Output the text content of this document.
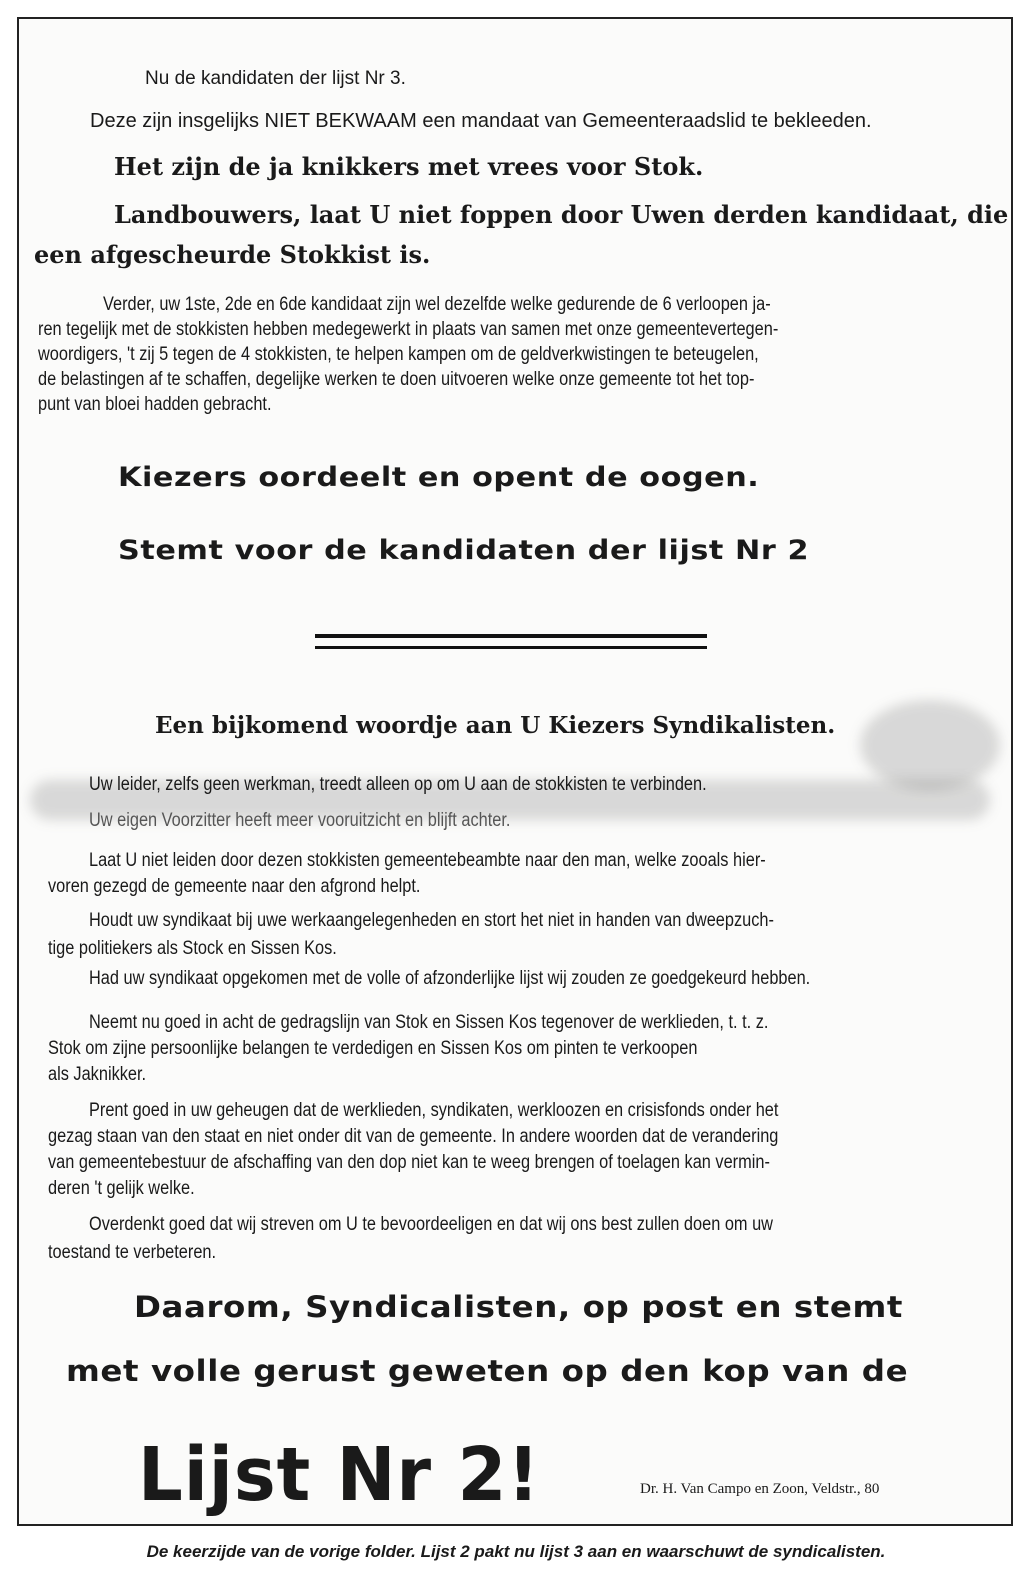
Nu de kandidaten der lijst Nr 3.
Deze zijn insgelijks NIET BEKWAAM een mandaat van Gemeenteraadslid te bekleeden.
Het zijn de ja knikkers met vrees voor Stok.
Landbouwers, laat U niet foppen door Uwen derden kandidaat, die
een afgescheurde Stokkist is.
Verder, uw 1ste, 2de en 6de kandidaat zijn wel dezelfde welke gedurende de 6 verloopen ja-
ren tegelijk met de stokkisten hebben medegewerkt in plaats van samen met onze gemeentevertegen-
woordigers, 't zij 5 tegen de 4 stokkisten, te helpen kampen om de geldverkwistingen te beteugelen,
de belastingen af te schaffen, degelijke werken te doen uitvoeren welke onze gemeente tot het top-
punt van bloei hadden gebracht.
Kiezers oordeelt en opent de oogen.
Stemt voor de kandidaten der lijst Nr 2
Een bijkomend woordje aan U Kiezers Syndikalisten.
Uw leider, zelfs geen werkman, treedt alleen op om U aan de stokkisten te verbinden.
Uw eigen Voorzitter heeft meer vooruitzicht en blijft achter.
Laat U niet leiden door dezen stokkisten gemeentebeambte naar den man, welke zooals hier-
voren gezegd de gemeente naar den afgrond helpt.
Houdt uw syndikaat bij uwe werkaangelegenheden en stort het niet in handen van dweepzuch-
tige politiekers als Stock en Sissen Kos.
Had uw syndikaat opgekomen met de volle of afzonderlijke lijst wij zouden ze goedgekeurd hebben.
Neemt nu goed in acht de gedragslijn van Stok en Sissen Kos tegenover de werklieden, t. t. z.
Stok om zijne persoonlijke belangen te verdedigen en Sissen Kos om pinten te verkoopen
als Jaknikker.
Prent goed in uw geheugen dat de werklieden, syndikaten, werkloozen en crisisfonds onder het
gezag staan van den staat en niet onder dit van de gemeente. In andere woorden dat de verandering
van gemeentebestuur de afschaffing van den dop niet kan te weeg brengen of toelagen kan vermin-
deren 't gelijk welke.
Overdenkt goed dat wij streven om U te bevoordeeligen en dat wij ons best zullen doen om uw
toestand te verbeteren.
Daarom, Syndicalisten, op post en stemt
met volle gerust geweten op den kop van de
Lijst Nr 2!	Dr. H. Van Campo en Zoon, Veldstr., 80
De keerzijde van de vorige folder. Lijst 2 pakt nu lijst 3 aan en waarschuwt de syndicalisten.
